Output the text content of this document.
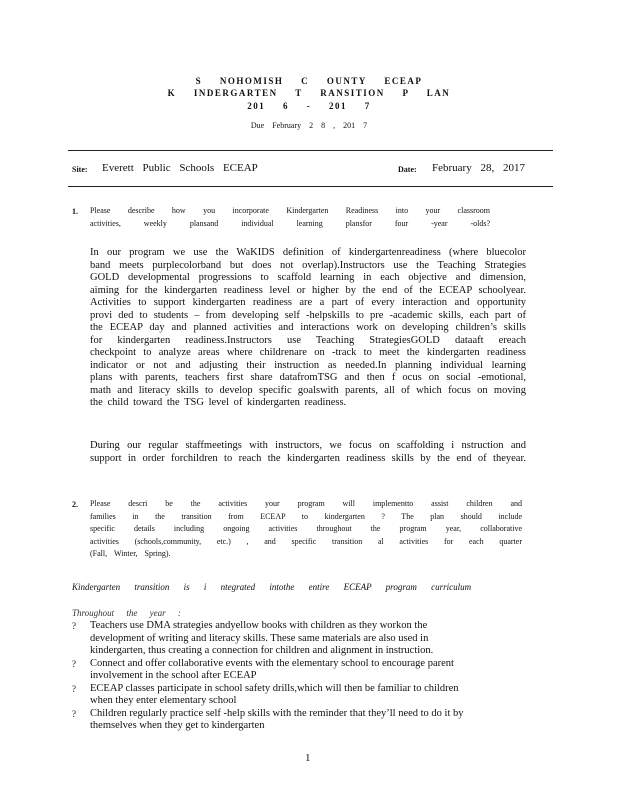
S NOHOMISH C OUNTY ECEAP
K INDERGARTEN T RANSITION P LAN
201 6 - 201 7
Due February 2 8 , 201 7
Site: Everett Public Schools ECEAP	Date: February 28, 2017
1. Please describe how you incorporate Kindergarten Readiness into your classroom
activities, weekly plansand individual learning plansfor four -year -olds?
In our program we use the WaKIDS definition of kindergartenreadiness (where bluecolor
band meets purplecolorband but does not overlap).Instructors use the Teaching Strategies
GOLD developmental progressions to scaffold learning in each objective and dimension,
aiming for the kindergarten readiness level or higher by the end of the ECEAP schoolyear.
Activities to support kindergarten readiness are a part of every interaction and opportunity
provi ded to students – from developing self -helpskills to pre -academic skills, each part of
the ECEAP day and planned activities and interactions work on developing children’s skills
for kindergarten readiness.Instructors use Teaching StrategiesGOLD dataaft ereach
checkpoint to analyze areas where childrenare on -track to meet the kindergarten readiness
indicator or not and adjusting their instruction as needed.In planning individual learning
plans with parents, teachers first share datafromTSG and then f ocus on social -emotional,
math and literacy skills to develop specific goalswith parents, all of which focus on moving
the child toward the TSG level of kindergarten readiness.
During our regular staffmeetings with instructors, we focus on scaffolding i nstruction and
support in order forchildren to reach the kindergarten readiness skills by the end of theyear.
2. Please descri be the activities your program will implementto assist children and
families in the transition from ECEAP to kindergarten ? The plan should include
specific details including ongoing activities throughout the program year, collaborative
activities (schools,community, etc.) , and specific transition al activities for each quarter
(Fall, Winter, Spring).
Kindergarten transition is i ntegrated intothe entire ECEAP program curriculum
Throughout the year :
?	Teachers use DMA strategies andyellow books with children as they workon the
development of writing and literacy skills. These same materials are also used in
kindergarten, thus creating a connection for children and alignment in instruction.
?	Connect and offer collaborative events with the elementary school to encourage parent
involvement in the school after ECEAP
?	ECEAP classes participate in school safety drills,which will then be familiar to children
when they enter elementary school
?	Children regularly practice self -help skills with the reminder that they’ll need to do it by
themselves when they get to kindergarten
1
